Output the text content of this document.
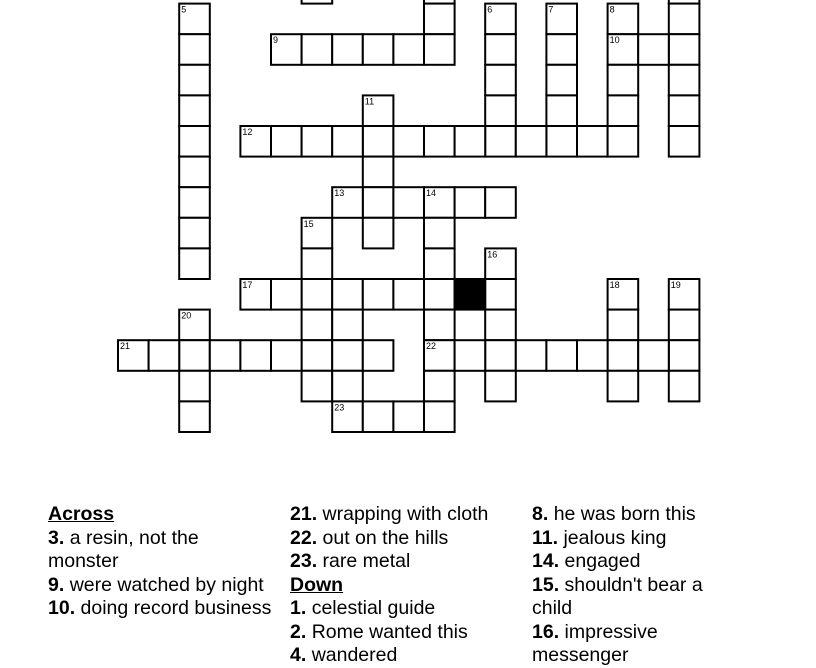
5	6	7	8
9	10
11
12
13	14
15
16
17	18	19
20
21	22
23
Across
3. a resin, not the monster
9. were watched by night
10. doing record business
21. wrapping with cloth
22. out on the hills
23. rare metal
Down
1. celestial guide
2. Rome wanted this
4. wandered
8. he was born this
11. jealous king
14. engaged
15. shouldn't bear a child
16. impressive messenger
